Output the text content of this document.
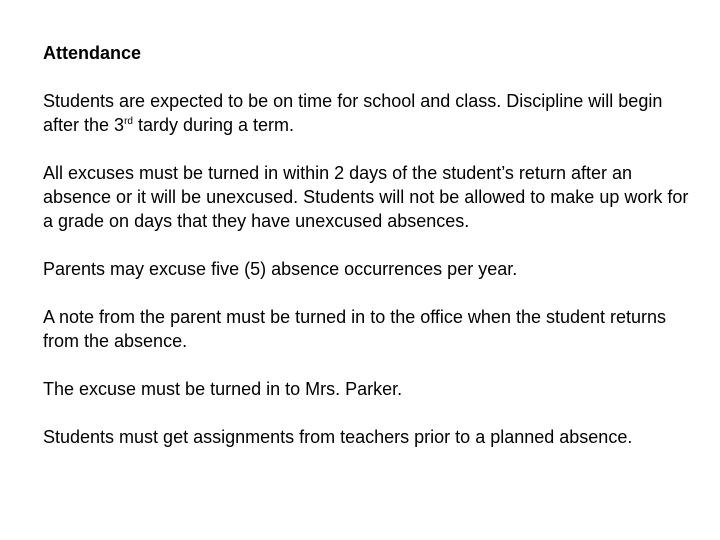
Attendance
Students are expected to be on time for school and class. Discipline will begin after the 3rd tardy during a term.
All excuses must be turned in within 2 days of the student’s return after an absence or it will be unexcused. Students will not be allowed to make up work for a grade on days that they have unexcused absences.
Parents may excuse five (5) absence occurrences per year.
A note from the parent must be turned in to the office when the student returns from the absence.
The excuse must be turned in to Mrs. Parker.
Students must get assignments from teachers prior to a planned absence.
